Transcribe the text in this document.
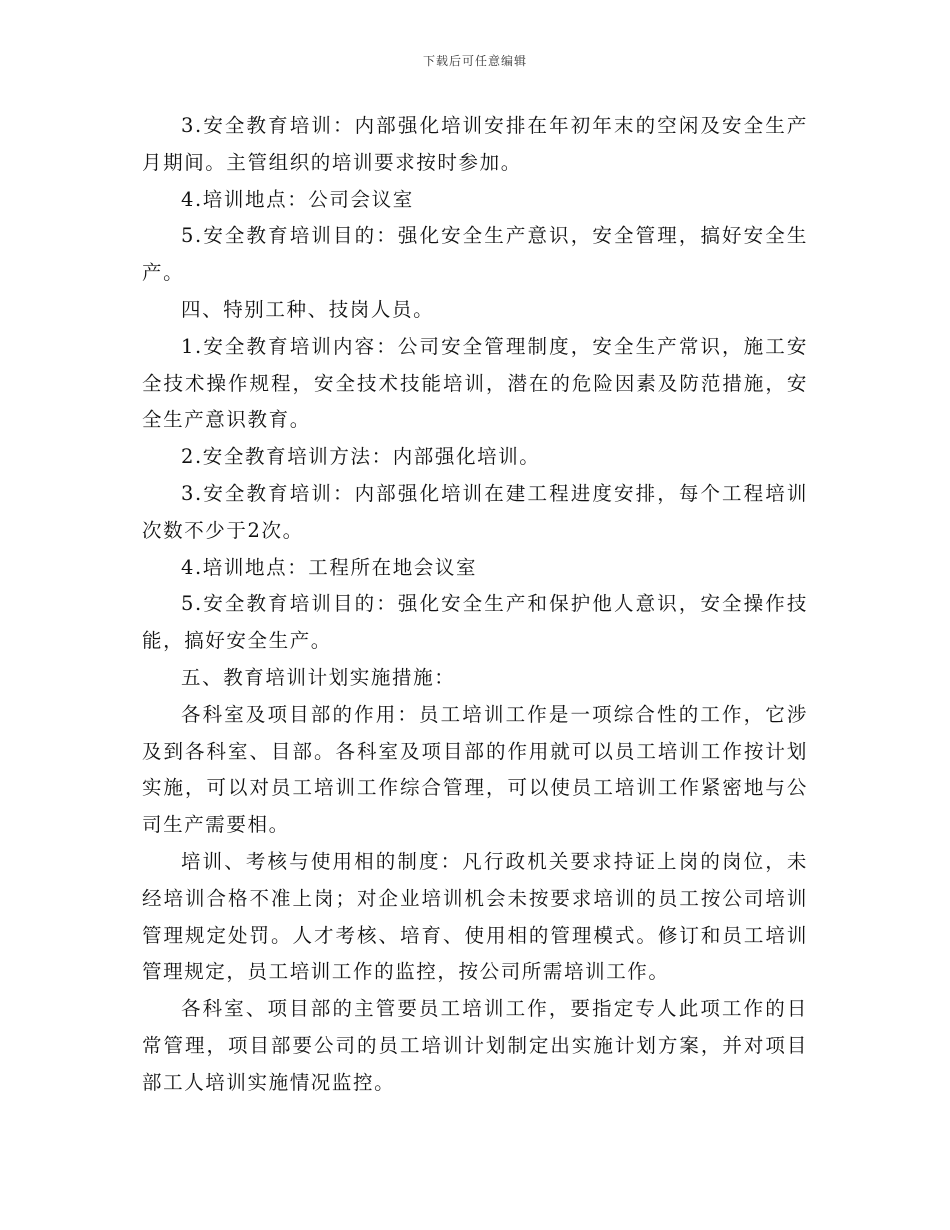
下载后可任意编辑

3.安全教育培训：内部强化培训安排在年初年末的空闲及安全生产月期间。主管组织的培训要求按时参加。

4.培训地点：公司会议室

5.安全教育培训目的：强化安全生产意识，安全管理，搞好安全生产。

四、特别工种、技岗人员。

1.安全教育培训内容：公司安全管理制度，安全生产常识，施工安全技术操作规程，安全技术技能培训，潜在的危险因素及防范措施，安全生产意识教育。

2.安全教育培训方法：内部强化培训。

3.安全教育培训：内部强化培训在建工程进度安排，每个工程培训次数不少于2次。

4.培训地点：工程所在地会议室

5.安全教育培训目的：强化安全生产和保护他人意识，安全操作技能，搞好安全生产。

五、教育培训计划实施措施：

各科室及项目部的作用：员工培训工作是一项综合性的工作，它涉及到各科室、目部。各科室及项目部的作用就可以员工培训工作按计划实施，可以对员工培训工作综合管理，可以使员工培训工作紧密地与公司生产需要相。

培训、考核与使用相的制度：凡行政机关要求持证上岗的岗位，未经培训合格不准上岗；对企业培训机会未按要求培训的员工按公司培训管理规定处罚。人才考核、培育、使用相的管理模式。修订和员工培训管理规定，员工培训工作的监控，按公司所需培训工作。

各科室、项目部的主管要员工培训工作，要指定专人此项工作的日常管理，项目部要公司的员工培训计划制定出实施计划方案，并对项目部工人培训实施情况监控。
